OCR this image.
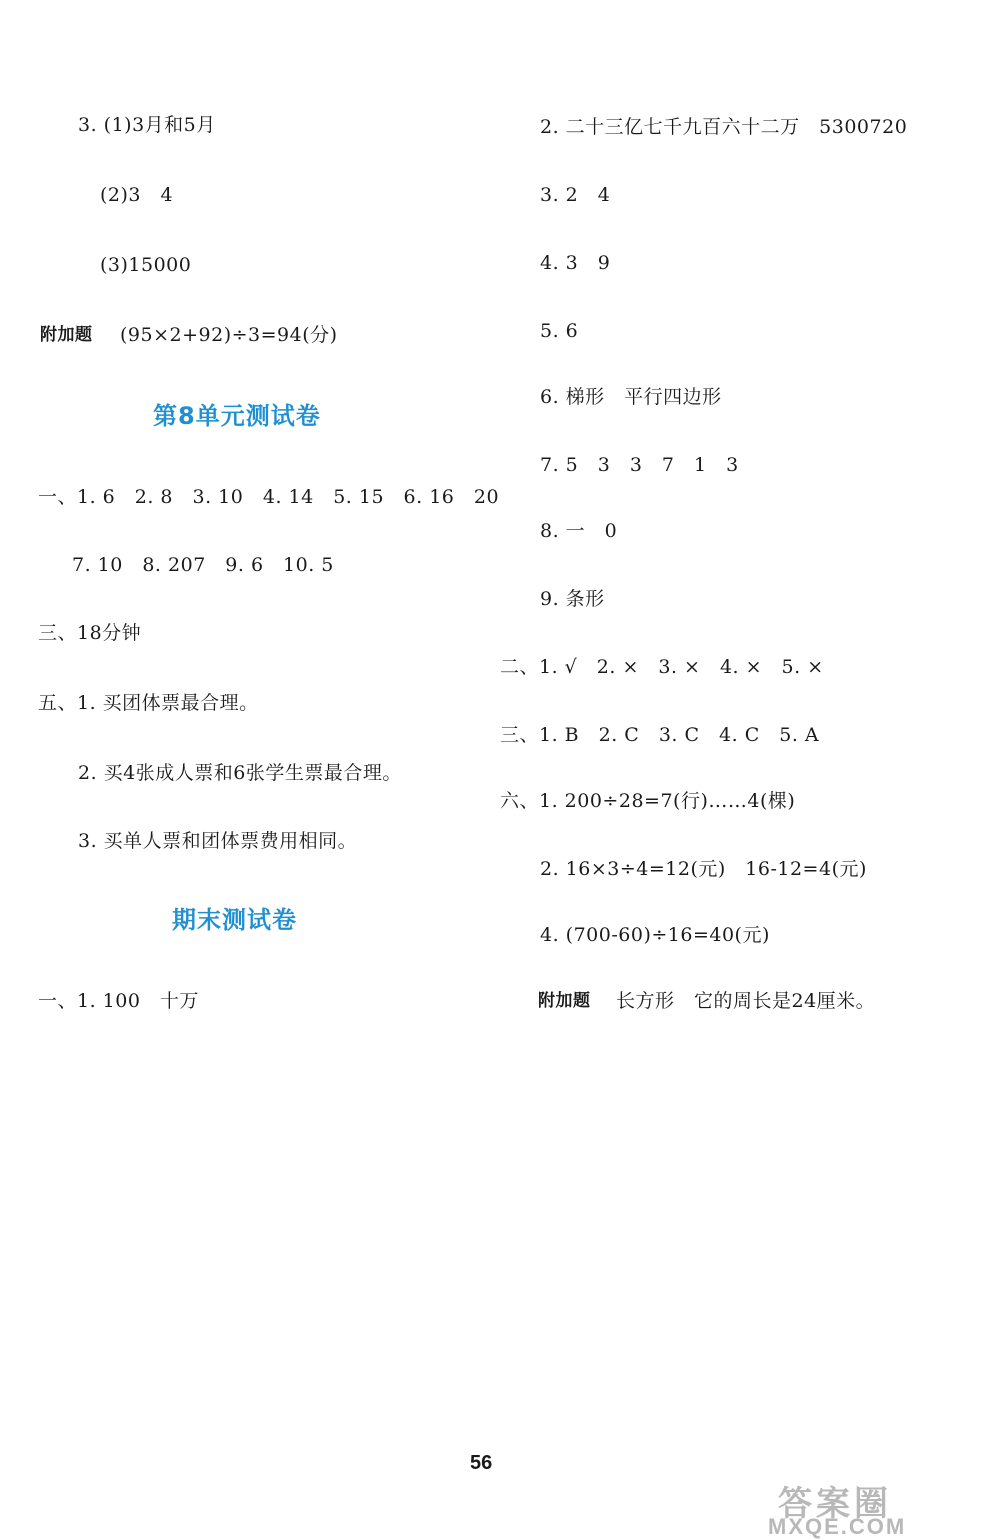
3. (1)3月和5月
(2)3　4
(3)15000
附加题 (95×2+92)÷3=94(分)
第8单元测试卷
一、1. 6　2. 8　3. 10　4. 14　5. 15　6. 16　20
7. 10　8. 207　9. 6　10. 5
三、18分钟
五、1. 买团体票最合理。
2. 买4张成人票和6张学生票最合理。
3. 买单人票和团体票费用相同。
期末测试卷
一、1. 100　十万
2. 二十三亿七千九百六十二万　5300720
3. 2　4
4. 3　9
5. 6
6. 梯形　平行四边形
7. 5　3　3　7　1　3
8. 一　0
9. 条形
二、1. √　2. ×　3. ×　4. ×　5. ×
三、1. B　2. C　3. C　4. C　5. A
六、1. 200÷28=7(行)……4(棵)
2. 16×3÷4=12(元)　16-12=4(元)
4. (700-60)÷16=40(元)
附加题 长方形　它的周长是24厘米。
56
答案圈
MXQE.COM
